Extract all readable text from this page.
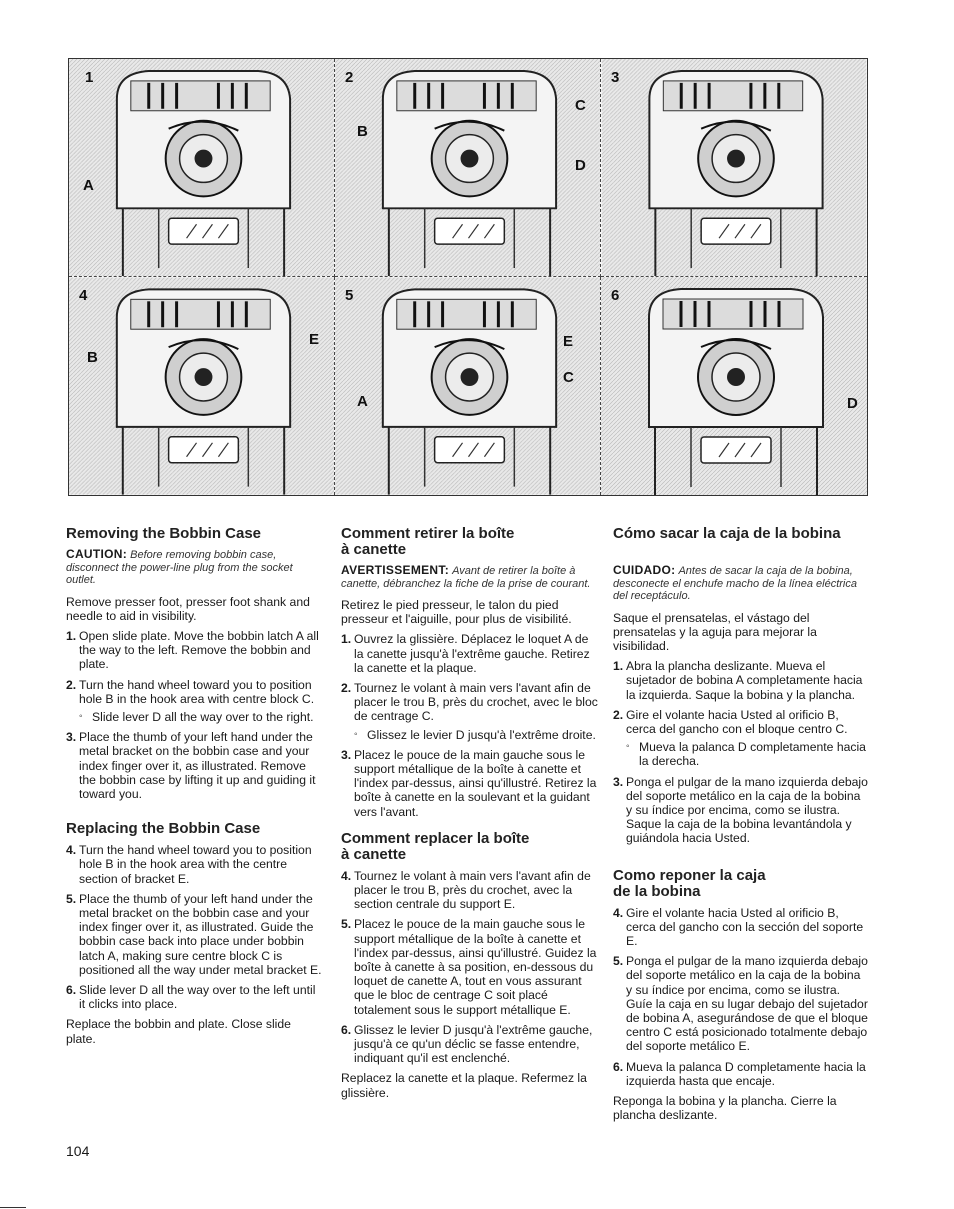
1
A
2
B
C
D
3
4
E
B
5
E
C
A
6
D
Removing the Bobbin Case

CAUTION: Before removing bobbin case, disconnect the power-line plug from the socket outlet.

Remove presser foot, presser foot shank and needle to aid in visibility.

1. Open slide plate. Move the bobbin latch A all the way to the left. Remove the bobbin and plate.
2. Turn the hand wheel toward you to position hole B in the hook area with centre block C.
◦ Slide lever D all the way over to the right.
3. Place the thumb of your left hand under the metal bracket on the bobbin case and your index finger over it, as illustrated. Remove the bobbin case by lifting it up and guiding it toward you.
Replacing the Bobbin Case
4. Turn the hand wheel toward you to position hole B in the hook area with the centre section of bracket E.
5. Place the thumb of your left hand under the metal bracket on the bobbin case and your index finger over it, as illustrated. Guide the bobbin case back into place under bobbin latch A, making sure centre block C is positioned all the way under metal bracket E.
6. Slide lever D all the way over to the left until it clicks into place.

Replace the bobbin and plate. Close slide plate.

Comment retirer la boîte
à canette

AVERTISSEMENT: Avant de retirer la boîte à canette, débranchez la fiche de la prise de courant.

Retirez le pied presseur, le talon du pied presseur et l'aiguille, pour plus de visibilité.

1. Ouvrez la glissière. Déplacez le loquet A de la canette jusqu'à l'extrême gauche. Retirez la canette et la plaque.
2. Tournez le volant à main vers l'avant afin de placer le trou B, près du crochet, avec le bloc de centrage C.
◦ Glissez le levier D jusqu'à l'extrême droite.
3. Placez le pouce de la main gauche sous le support métallique de la boîte à canette et l'index par-dessus, ainsi qu'illustré. Retirez la boîte à canette en la soulevant et la guidant vers l'avant.
Comment replacer la boîte
à canette
4. Tournez le volant à main vers l'avant afin de placer le trou B, près du crochet, avec la section centrale du support E.
5. Placez le pouce de la main gauche sous le support métallique de la boîte à canette et l'index par-dessus, ainsi qu'illustré. Guidez la boîte à canette à sa position, en-dessous du loquet de canette A, tout en vous assurant que le bloc de centrage C soit placé totalement sous le support métallique E.
6. Glissez le levier D jusqu'à l'extrême gauche, jusqu'à ce qu'un déclic se fasse entendre, indiquant qu'il est enclenché.

Replacez la canette et la plaque. Refermez la glissière.

Cómo sacar la caja de la bobina

CUIDADO: Antes de sacar la caja de la bobina, desconecte el enchufe macho de la línea eléctrica del receptáculo.

Saque el prensatelas, el vástago del prensatelas y la aguja para mejorar la visibilidad.

1. Abra la plancha deslizante. Mueva el sujetador de bobina A completamente hacia la izquierda. Saque la bobina y la plancha.
2. Gire el volante hacia Usted al orificio B, cerca del gancho con el bloque centro C.
◦ Mueva la palanca D completamente hacia la derecha.
3. Ponga el pulgar de la mano izquierda debajo del soporte metálico en la caja de la bobina y su índice por encima, como se ilustra. Saque la caja de la bobina levantándola y guiándola hacia Usted.
Como reponer la caja
de la bobina
4. Gire el volante hacia Usted al orificio B, cerca del gancho con la sección del soporte E.
5. Ponga el pulgar de la mano izquierda debajo del soporte metálico en la caja de la bobina y su índice por encima, como se ilustra. Guíe la caja en su lugar debajo del sujetador de bobina A, asegurándose de que el bloque centro C está posicionado totalmente debajo del soporte metálico E.
6. Mueva la palanca D completamente hacia la izquierda hasta que encaje.

Reponga la bobina y la plancha. Cierre la plancha deslizante.

104
